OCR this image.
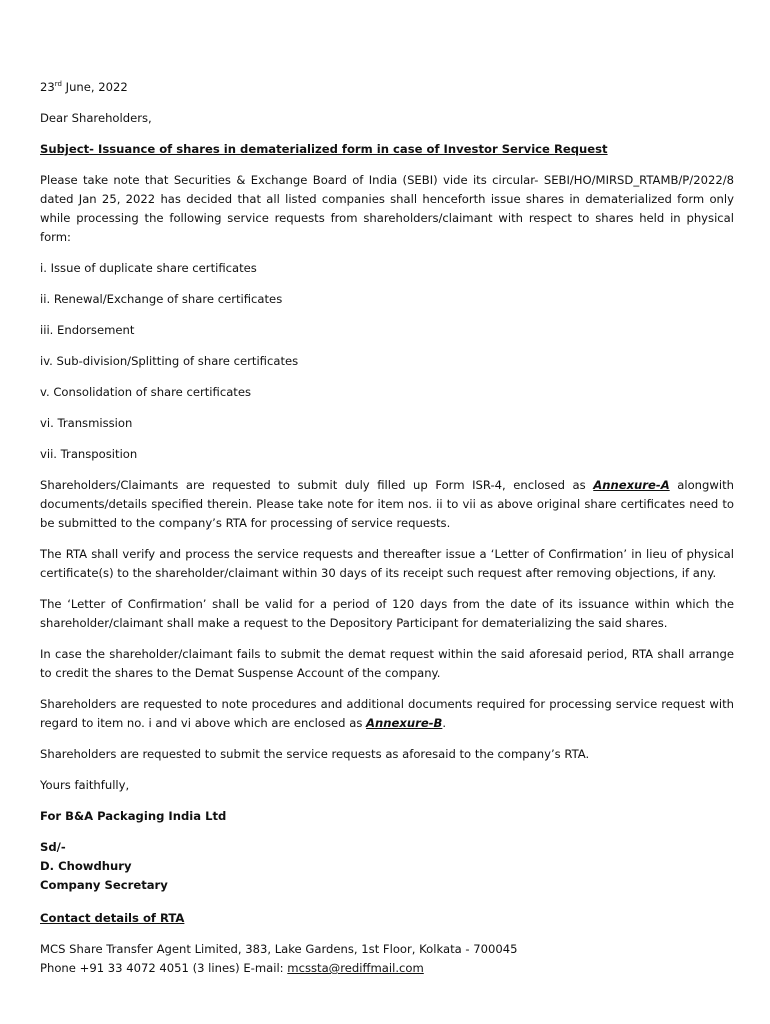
23rd June, 2022

Dear Shareholders,

Subject- Issuance of shares in dematerialized form in case of Investor Service Request

Please take note that Securities & Exchange Board of India (SEBI) vide its circular- SEBI/HO/MIRSD_RTAMB/P/2022/8 dated Jan 25, 2022 has decided that all listed companies shall henceforth issue shares in dematerialized form only while processing the following service requests from shareholders/claimant with respect to shares held in physical form:

i. Issue of duplicate share certificates

ii. Renewal/Exchange of share certificates

iii. Endorsement

iv. Sub-division/Splitting of share certificates

v. Consolidation of share certificates

vi. Transmission

vii. Transposition

Shareholders/Claimants are requested to submit duly filled up Form ISR-4, enclosed as Annexure-A alongwith documents/details specified therein. Please take note for item nos. ii to vii as above original share certificates need to be submitted to the company’s RTA for processing of service requests.

The RTA shall verify and process the service requests and thereafter issue a ‘Letter of Confirmation’ in lieu of physical certificate(s) to the shareholder/claimant within 30 days of its receipt such request after removing objections, if any.

The ‘Letter of Confirmation’ shall be valid for a period of 120 days from the date of its issuance within which the shareholder/claimant shall make a request to the Depository Participant for dematerializing the said shares.

In case the shareholder/claimant fails to submit the demat request within the said aforesaid period, RTA shall arrange to credit the shares to the Demat Suspense Account of the company.

Shareholders are requested to note procedures and additional documents required for processing service request with regard to item no. i and vi above which are enclosed as Annexure-B.

Shareholders are requested to submit the service requests as aforesaid to the company’s RTA.

Yours faithfully,

For B&A Packaging India Ltd

Sd/-

D. Chowdhury

Company Secretary

Contact details of RTA

MCS Share Transfer Agent Limited, 383, Lake Gardens, 1st Floor, Kolkata - 700045

Phone +91 33 4072 4051 (3 lines) E-mail: mcssta@rediffmail.com
